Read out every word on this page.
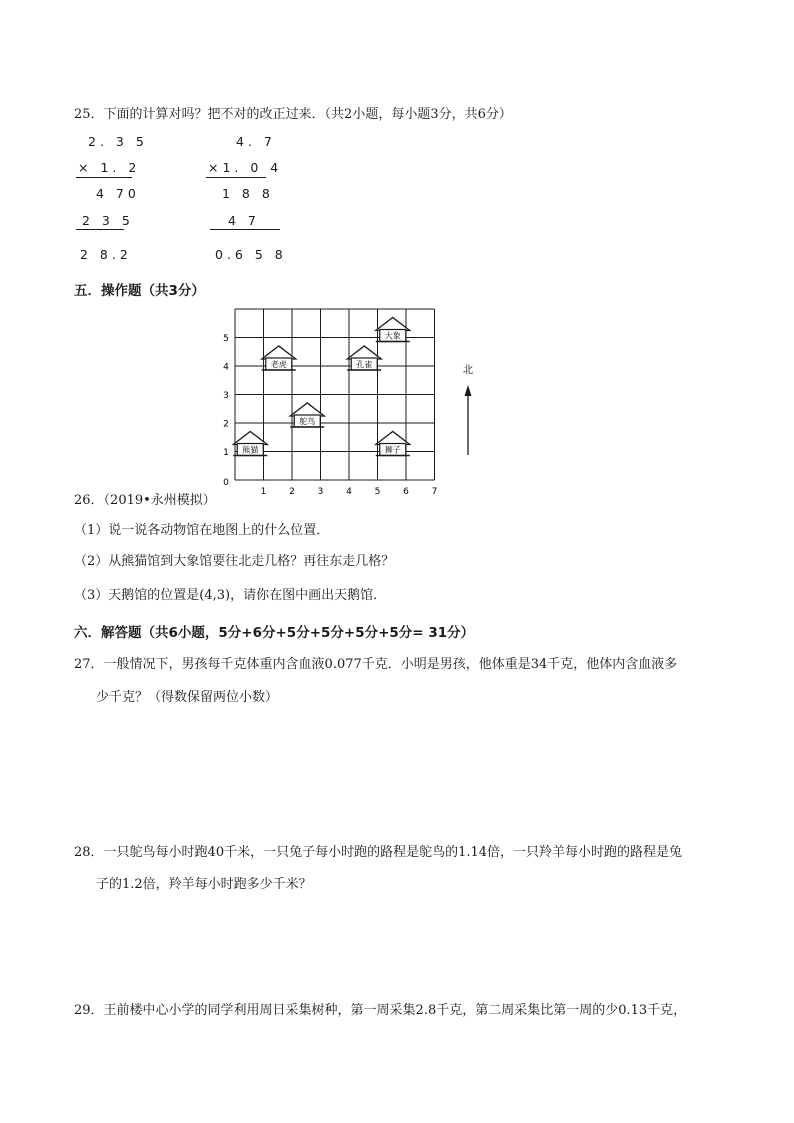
25．下面的计算对吗？把不对的改正过来．（共2小题，每小题3分，共6分）
2. 3 5
× 1. 2
4 70
2 3 5
2 8.2
4. 7
×1. 0 4
1 8 8
4 7
0.6 5 8
五．操作题（共3分）
0
1	2	3	4	5	6	7
1
2
3
4
5	大象
老虎	孔雀
鸵鸟
熊猫	狮子
北
26．（2019•永州模拟）
（1）说一说各动物馆在地图上的什么位置．
（2）从熊猫馆到大象馆要往北走几格？再往东走几格？
（3）天鹅馆的位置是(4,3)，请你在图中画出天鹅馆．
六．解答题（共6小题，5分+6分+5分+5分+5分+5分= 31分）
27．一般情况下，男孩每千克体重内含血液0.077千克．小明是男孩，他体重是34千克，他体内含血液多
少千克？（得数保留两位小数）
28．一只鸵鸟每小时跑40千米，一只兔子每小时跑的路程是鸵鸟的1.14倍，一只羚羊每小时跑的路程是兔
子的1.2倍，羚羊每小时跑多少千米？
29．王前楼中心小学的同学利用周日采集树种，第一周采集2.8千克，第二周采集比第一周的少0.13千克，
